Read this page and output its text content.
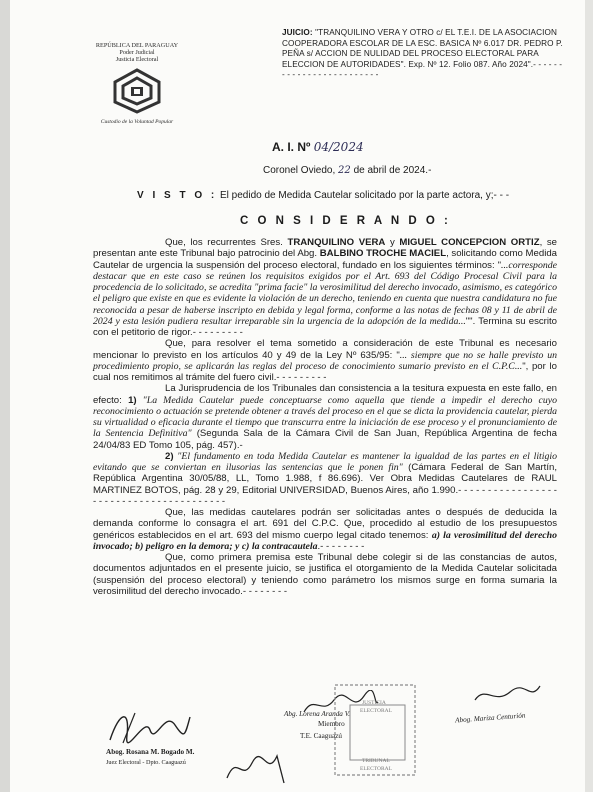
REPÚBLICA DEL PARAGUAY
Poder Judicial
Justicia Electoral
Custodio de la Voluntad Popular
JUICIO: "TRANQUILINO VERA Y OTRO c/ EL T.E.I. DE LA ASOCIACION COOPERADORA ESCOLAR DE LA ESC. BASICA Nº 6.017 DR. PEDRO P. PEÑA s/ ACCION DE NULIDAD DEL PROCESO ELECTORAL PARA ELECCION DE AUTORIDADES". Exp. Nº 12. Folio 087. Año 2024".- - - - - - - - - - - - - - - - - - - - - - - - -
A. I. Nº 04/2024
Coronel Oviedo, 22 de abril de 2024.-
V I S T O : El pedido de Medida Cautelar solicitado por la parte actora, y;- - -
C O N S I D E R A N D O :

Que, los recurrentes Sres. TRANQUILINO VERA y MIGUEL CONCEPCION ORTIZ, se presentan ante este Tribunal bajo patrocinio del Abg. BALBINO TROCHE MACIEL, solicitando como Medida Cautelar de urgencia la suspensión del proceso electoral, fundado en los siguientes términos: "...corresponde destacar que en este caso se reúnen los requisitos exigidos por el Art. 693 del Código Procesal Civil para la procedencia de lo solicitado, se acredita "prima facie" la verosimilitud del derecho invocado, asimismo, es categórico el peligro que existe en que es evidente la violación de un derecho, teniendo en cuenta que nuestra candidatura no fue reconocida a pesar de haberse inscripto en debida y legal forma, conforme a las notas de fechas 08 y 11 de abril de 2024 y esta lesión pudiera resultar irreparable sin la urgencia de la adopción de la medida..."". Termina su escrito con el petitorio de rigor.- - - - - - - - -

Que, para resolver el tema sometido a consideración de este Tribunal es necesario mencionar lo previsto en los artículos 40 y 49 de la Ley Nº 635/95: "... siempre que no se halle previsto un procedimiento propio, se aplicarán las reglas del proceso de conocimiento sumario previsto en el C.P.C...", por lo cual nos remitimos al trámite del fuero civil.- - - - - - - - -

La Jurisprudencia de los Tribunales dan consistencia a la tesitura expuesta en este fallo, en efecto: 1) "La Medida Cautelar puede conceptuarse como aquella que tiende a impedir el derecho cuyo reconocimiento o actuación se pretende obtener a través del proceso en el que se dicta la providencia cautelar, pierda su virtualidad o eficacia durante el tiempo que transcurra entre la iniciación de ese proceso y el pronunciamiento de la Sentencia Definitiva" (Segunda Sala de la Cámara Civil de San Juan, República Argentina de fecha 24/04/83 ED Tomo 105, pág. 457).-

2) "El fundamento en toda Medida Cautelar es mantener la igualdad de las partes en el litigio evitando que se conviertan en ilusorias las sentencias que le ponen fin" (Cámara Federal de San Martín, República Argentina 30/05/88, LL, Tomo 1.988, f 86.696). Ver Obra Medidas Cautelares de RAUL MARTINEZ BOTOS, pág. 28 y 29, Editorial UNIVERSIDAD, Buenos Aires, año 1.990.- - - - - - - - - - - - - - - - - - - - - - - - - - - - - - - - - - - - - - - -

Que, las medidas cautelares podrán ser solicitadas antes o después de deducida la demanda conforme lo consagra el art. 691 del C.P.C. Que, procedido al estudio de los presupuestos genéricos establecidos en el art. 693 del mismo cuerpo legal citado tenemos: a) la verosimilitud del derecho invocado; b) peligro en la demora; y c) la contracautela.- - - - - - - -

Que, como primera premisa este Tribunal debe colegir si de las constancias de autos, documentos adjuntados en el presente juicio, se justifica el otorgamiento de la Medida Cautelar solicitada (suspensión del proceso electoral) y teniendo como parámetro los mismos surge en forma sumaria la verosimilitud del derecho invocado.- - - - - - - -

Abog. Rosana M. Bogado M.
Juez Electoral - Dpto. Caaguazú
Abg. Lorena Aranda V.
Miembro
T.E. Caaguazú
JUSTICIA
ELECTORAL
TRIBUNAL
ELECTORAL
Abog. Mariza Centurión
